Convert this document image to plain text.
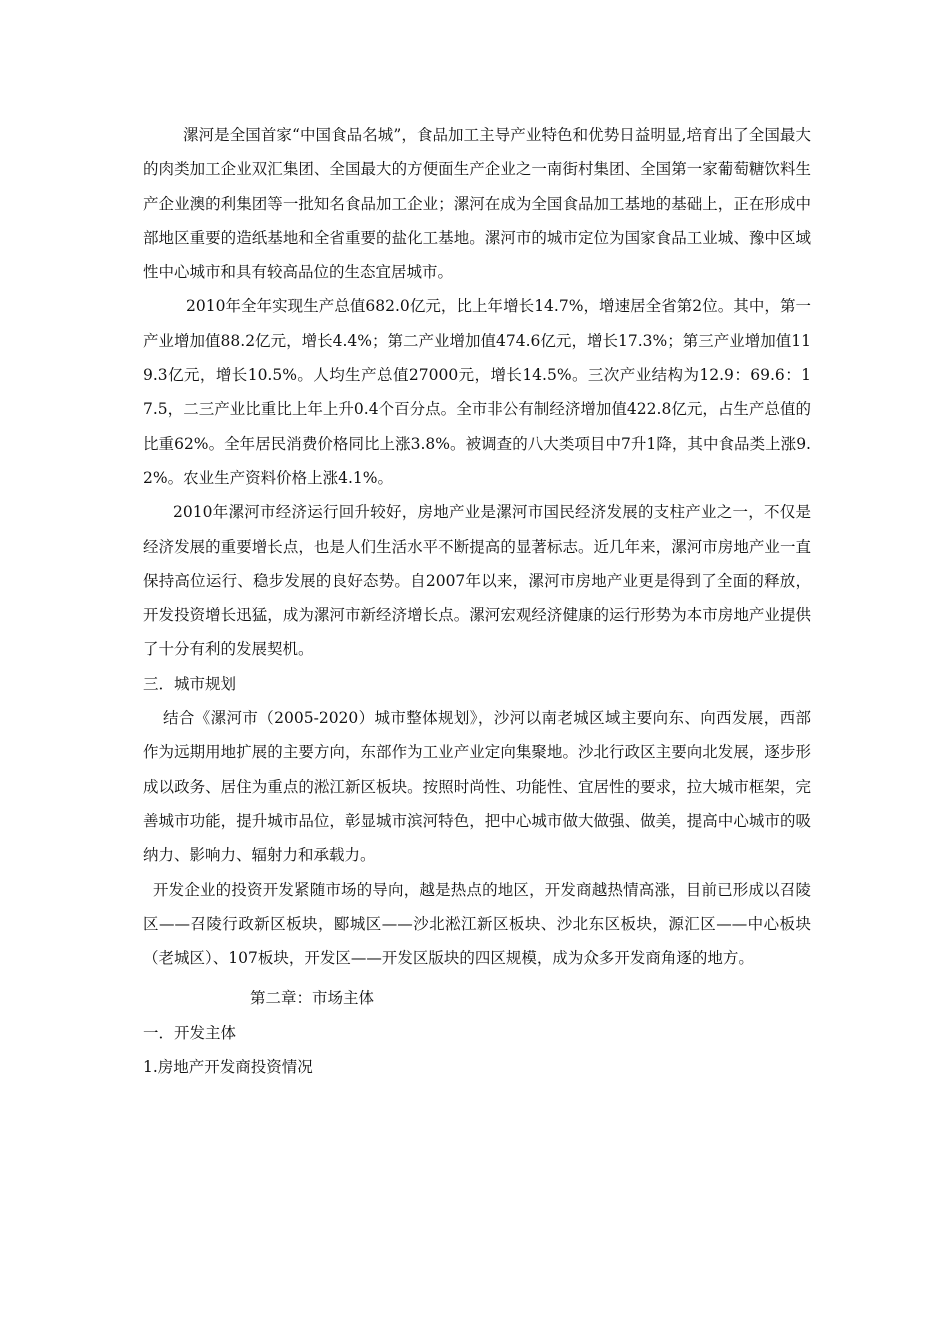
漯河是全国首家“中国食品名城”，食品加工主导产业特色和优势日益明显,培育出了全国最大的肉类加工企业双汇集团、全国最大的方便面生产企业之一南街村集团、全国第一家葡萄糖饮料生产企业澳的利集团等一批知名食品加工企业；漯河在成为全国食品加工基地的基础上，正在形成中部地区重要的造纸基地和全省重要的盐化工基地。漯河市的城市定位为国家食品工业城、豫中区域性中心城市和具有较高品位的生态宜居城市。

2010年全年实现生产总值682.0亿元，比上年增长14.7%，增速居全省第2位。其中，第一产业增加值88.2亿元，增长4.4%；第二产业增加值474.6亿元，增长17.3%；第三产业增加值119.3亿元，增长10.5%。人均生产总值27000元，增长14.5%。三次产业结构为12.9：69.6：17.5，二三产业比重比上年上升0.4个百分点。全市非公有制经济增加值422.8亿元，占生产总值的比重62%。全年居民消费价格同比上涨3.8%。被调查的八大类项目中7升1降，其中食品类上涨9.2%。农业生产资料价格上涨4.1%。

2010年漯河市经济运行回升较好，房地产业是漯河市国民经济发展的支柱产业之一，不仅是经济发展的重要增长点，也是人们生活水平不断提高的显著标志。近几年来，漯河市房地产业一直保持高位运行、稳步发展的良好态势。自2007年以来，漯河市房地产业更是得到了全面的释放，开发投资增长迅猛，成为漯河市新经济增长点。漯河宏观经济健康的运行形势为本市房地产业提供了十分有利的发展契机。

三．城市规划

结合《漯河市（2005-2020）城市整体规划》，沙河以南老城区域主要向东、向西发展，西部作为远期用地扩展的主要方向，东部作为工业产业定向集聚地。沙北行政区主要向北发展，逐步形成以政务、居住为重点的淞江新区板块。按照时尚性、功能性、宜居性的要求，拉大城市框架，完善城市功能，提升城市品位，彰显城市滨河特色，把中心城市做大做强、做美，提高中心城市的吸纳力、影响力、辐射力和承载力。

开发企业的投资开发紧随市场的导向，越是热点的地区，开发商越热情高涨，目前已形成以召陵区——召陵行政新区板块，郾城区——沙北淞江新区板块、沙北东区板块，源汇区——中心板块（老城区）、107板块，开发区——开发区版块的四区规模，成为众多开发商角逐的地方。

第二章：市场主体

一．开发主体

1.房地产开发商投资情况
